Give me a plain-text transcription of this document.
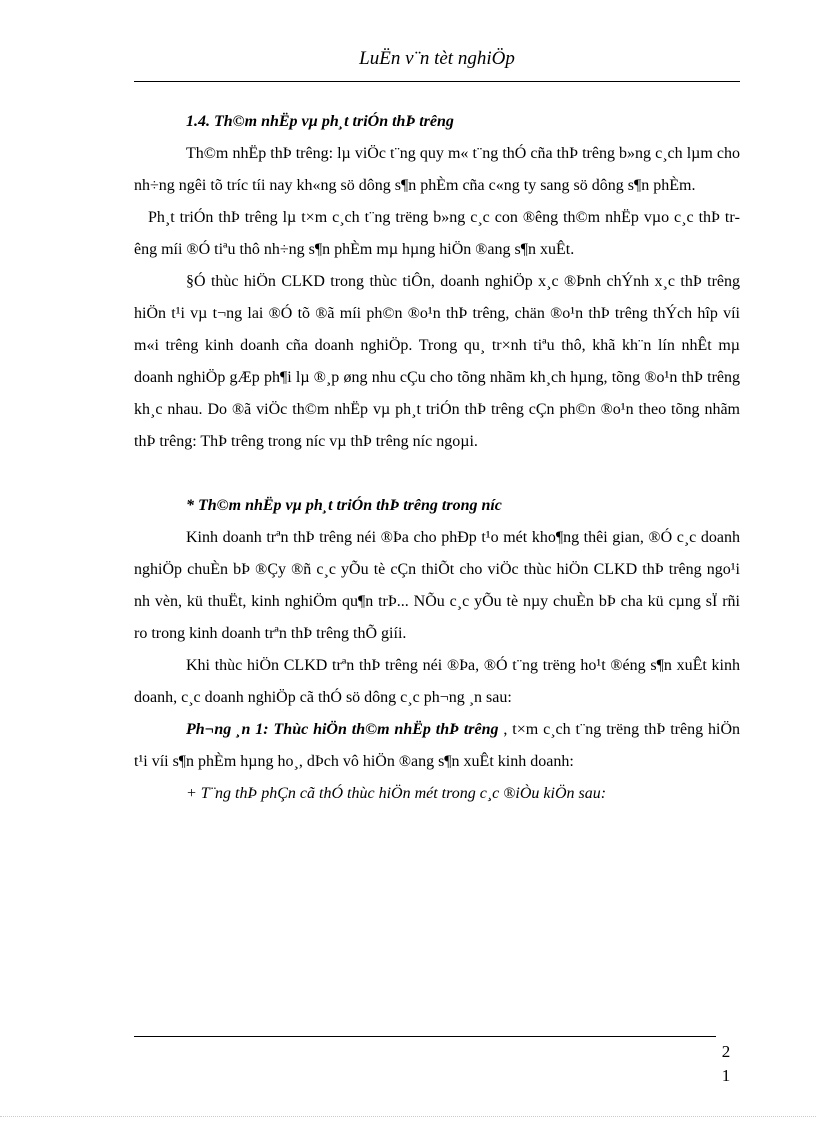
LuËn v¨n tèt nghiÖp

1.4. Th©m nhËp vµ ph¸t triÓn thÞ trêng

Th©m nhËp thÞ trêng: lµ viÖc t¨ng quy m« t¨ng thÓ cña thÞ trêng b»ng c¸ch lµm cho nh÷ng ngêi tõ tríc tíi nay kh«ng sö dông s¶n phÈm cña c«ng ty sang sö dông s¶n phÈm.

Ph¸t triÓn thÞ trêng lµ t×m c¸ch t¨ng trëng b»ng c¸c con ®êng th©m nhËp vµo c¸c thÞ trêng míi ®Ó tiªu thô nh÷ng s¶n phÈm mµ hµng hiÖn ®ang s¶n xuÊt.

§Ó thùc hiÖn CLKD trong thùc tiÔn, doanh nghiÖp x¸c ®Þnh chÝnh x¸c thÞ trêng hiÖn t¹i vµ t¬ng lai ®Ó tõ ®ã míi ph©n ®o¹n thÞ trêng, chän ®o¹n thÞ trêng thÝch hîp víi m«i trêng kinh doanh cña doanh nghiÖp. Trong qu¸ tr×nh tiªu thô, khã kh¨n lín nhÊt mµ doanh nghiÖp gÆp ph¶i lµ ®¸p øng nhu cÇu cho tõng nhãm kh¸ch hµng, tõng ®o¹n thÞ trêng kh¸c nhau. Do ®ã viÖc th©m nhËp vµ ph¸t triÓn thÞ trêng cÇn ph©n ®o¹n theo tõng nhãm thÞ trêng: ThÞ trêng trong níc vµ thÞ trêng níc ngoµi.

* Th©m nhËp vµ ph¸t triÓn thÞ trêng trong níc

Kinh doanh trªn thÞ trêng néi ®Þa cho phÐp t¹o mét kho¶ng thêi gian, ®Ó c¸c doanh nghiÖp chuÈn bÞ ®Çy ®ñ c¸c yÕu tè cÇn thiÕt cho viÖc thùc hiÖn CLKD thÞ trêng ngo¹i nh vèn, kü thuËt, kinh nghiÖm qu¶n trÞ... NÕu c¸c yÕu tè nµy chuÈn bÞ cha kü cµng sÏ rñi ro trong kinh doanh trªn thÞ trêng thÕ giíi.

Khi thùc hiÖn CLKD trªn thÞ trêng néi ®Þa, ®Ó t¨ng trëng ho¹t ®éng s¶n xuÊt kinh doanh, c¸c doanh nghiÖp cã thÓ sö dông c¸c ph¬ng ¸n sau:

Ph¬ng ¸n 1: Thùc hiÖn th©m nhËp thÞ trêng , t×m c¸ch t¨ng trëng thÞ trêng hiÖn t¹i víi s¶n phÈm hµng ho¸, dÞch vô hiÖn ®ang s¶n xuÊt kinh doanh:

+ T¨ng thÞ phÇn cã thÓ thùc hiÖn mét trong c¸c ®iÒu kiÖn sau:

2
1
